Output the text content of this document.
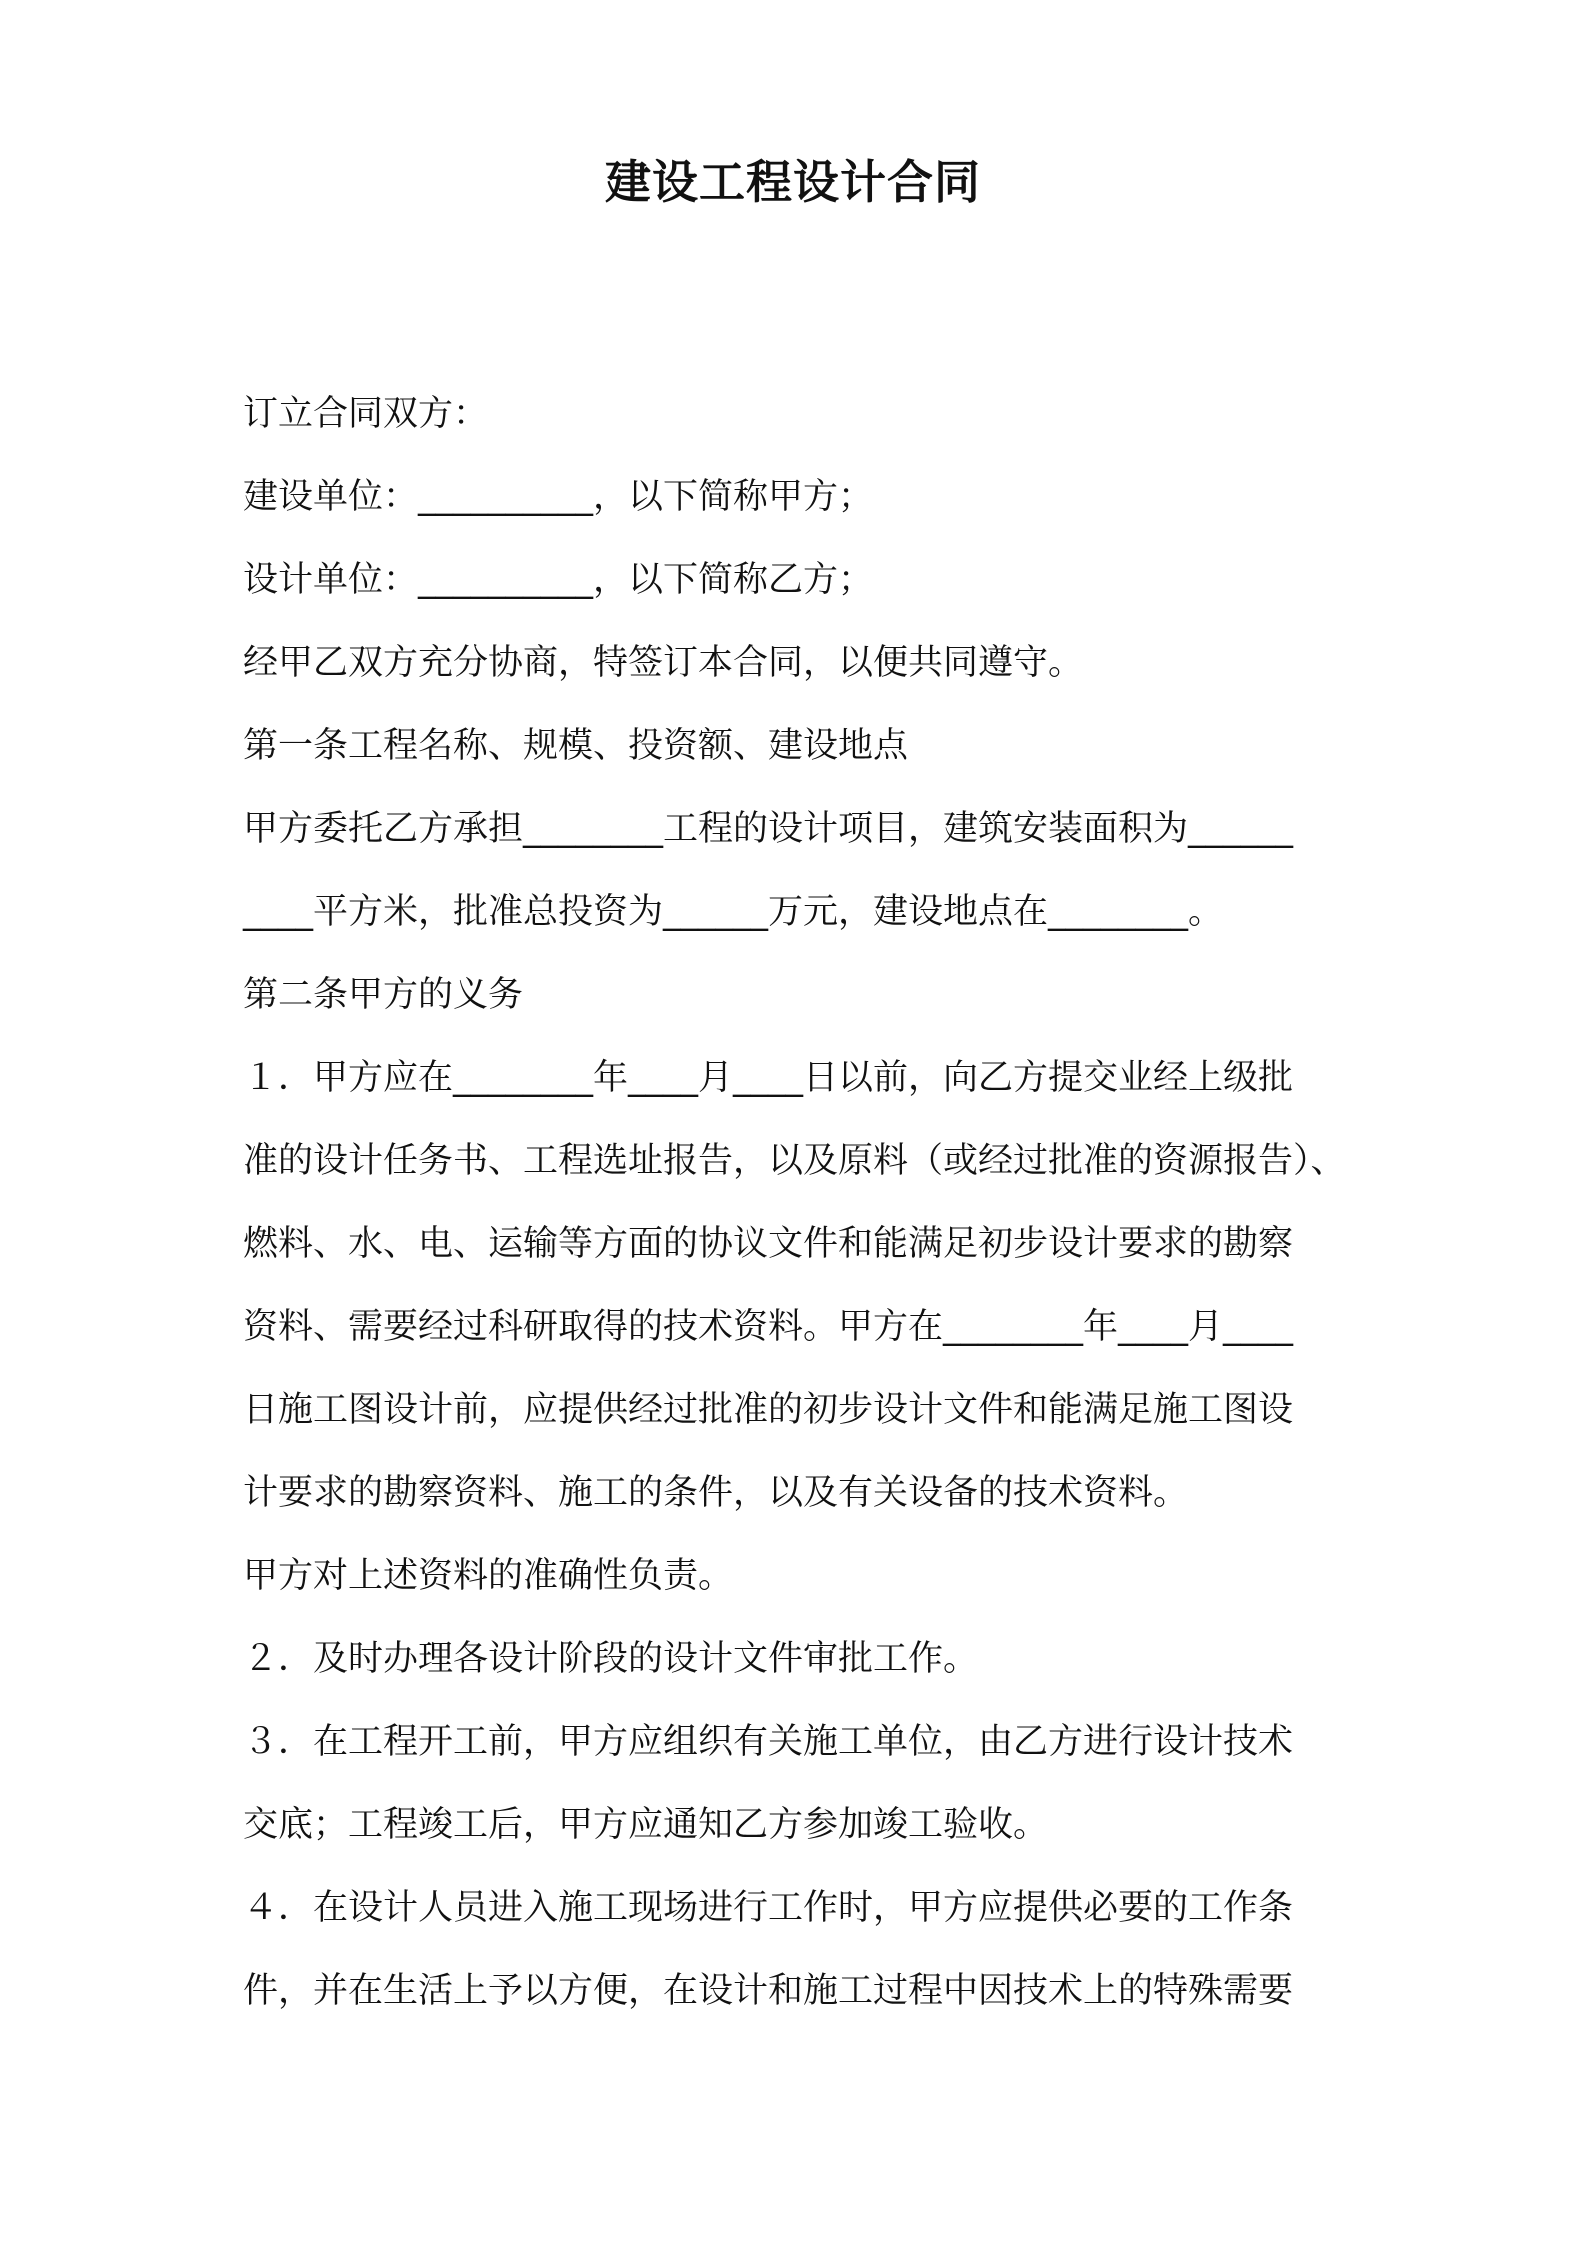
建设工程设计合同
订立合同双方：
建设单位：__________，以下简称甲方；
设计单位：__________，以下简称乙方；
经甲乙双方充分协商，特签订本合同，以便共同遵守。
第一条工程名称、规模、投资额、建设地点
甲方委托乙方承担________工程的设计项目，建筑安装面积为______
____平方米，批准总投资为______万元，建设地点在________。
第二条甲方的义务
１．甲方应在________年____月____日以前，向乙方提交业经上级批
准的设计任务书、工程选址报告，以及原料（或经过批准的资源报告）、
燃料、水、电、运输等方面的协议文件和能满足初步设计要求的勘察
资料、需要经过科研取得的技术资料。甲方在________年____月____
日施工图设计前，应提供经过批准的初步设计文件和能满足施工图设
计要求的勘察资料、施工的条件，以及有关设备的技术资料。
甲方对上述资料的准确性负责。
２．及时办理各设计阶段的设计文件审批工作。
３．在工程开工前，甲方应组织有关施工单位，由乙方进行设计技术
交底；工程竣工后，甲方应通知乙方参加竣工验收。
４．在设计人员进入施工现场进行工作时，甲方应提供必要的工作条
件，并在生活上予以方便，在设计和施工过程中因技术上的特殊需要
